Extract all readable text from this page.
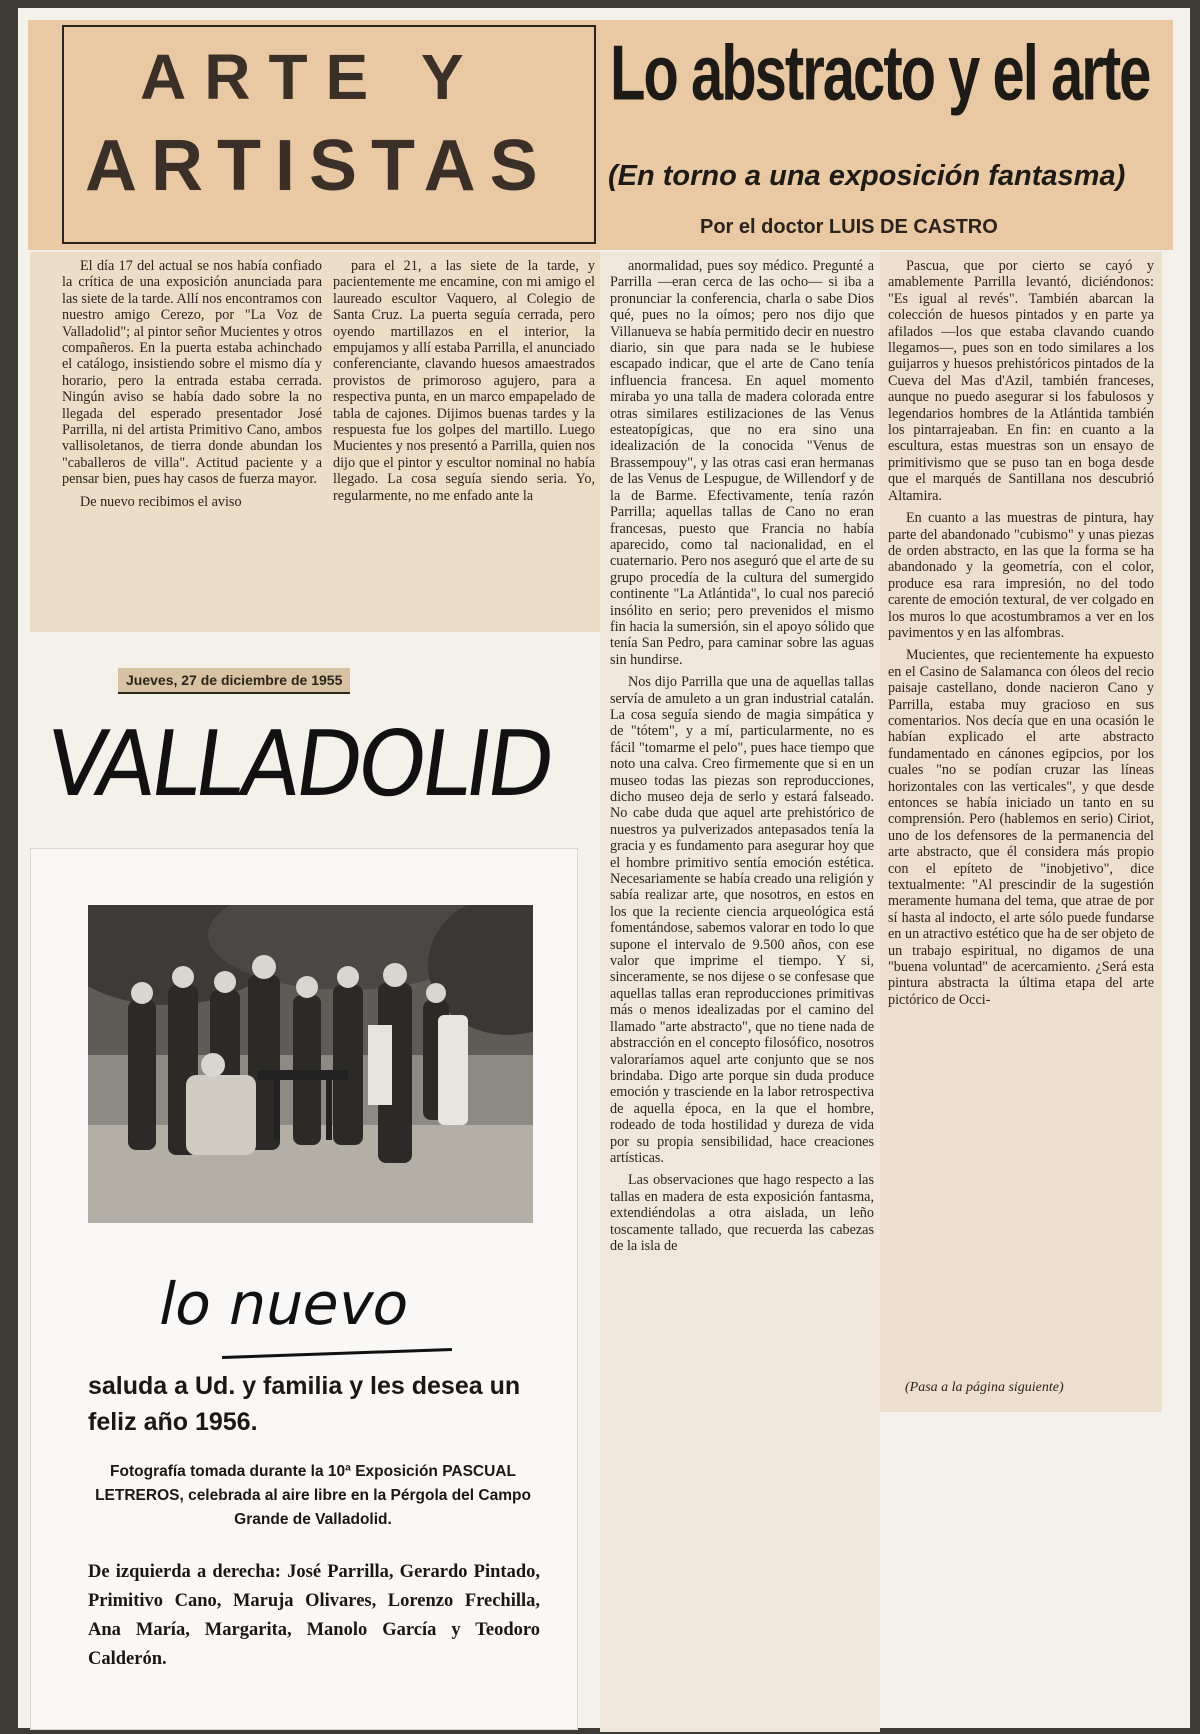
ARTE Y
ARTISTAS
Lo abstracto y el arte
(En torno a una exposición fantasma)
Por el doctor LUIS DE CASTRO

El día 17 del actual se nos había confiado la crítica de una exposición anunciada para las siete de la tarde. Allí nos encontramos con nuestro amigo Cerezo, por "La Voz de Valladolid"; al pintor señor Mucientes y otros compañeros. En la puerta estaba achinchado el catálogo, insistiendo sobre el mismo día y horario, pero la entrada estaba cerrada. Ningún aviso se había dado sobre la no llegada del esperado presentador José Parrilla, ni del artista Primitivo Cano, ambos vallisoletanos, de tierra donde abundan los "caballeros de villa". Actitud paciente y a pensar bien, pues hay casos de fuerza mayor.

De nuevo recibimos el aviso

para el 21, a las siete de la tarde, y pacientemente me encamine, con mi amigo el laureado escultor Vaquero, al Colegio de Santa Cruz. La puerta seguía cerrada, pero oyendo martillazos en el interior, la empujamos y allí estaba Parrilla, el anunciado conferenciante, clavando huesos amaestrados provistos de primoroso agujero, para a respectiva punta, en un marco empapelado de tabla de cajones. Dijimos buenas tardes y la respuesta fue los golpes del martillo. Luego Mucientes y nos presentó a Parrilla, quien nos dijo que el pintor y escultor nominal no había llegado. La cosa seguía siendo seria. Yo, regularmente, no me enfado ante la

anormalidad, pues soy médico. Pregunté a Parrilla —eran cerca de las ocho— si iba a pronunciar la conferencia, charla o sabe Dios qué, pues no la oímos; pero nos dijo que Villanueva se había permitido decir en nuestro diario, sin que para nada se le hubiese escapado indicar, que el arte de Cano tenía influencia francesa. En aquel momento miraba yo una talla de madera colorada entre otras similares estilizaciones de las Venus esteatopígicas, que no era sino una idealización de la conocida "Venus de Brassempouy", y las otras casi eran hermanas de las Venus de Lespugue, de Willendorf y de la de Barme. Efectivamente, tenía razón Parrilla; aquellas tallas de Cano no eran francesas, puesto que Francia no había aparecido, como tal nacionalidad, en el cuaternario. Pero nos aseguró que el arte de su grupo procedía de la cultura del sumergido continente "La Atlántida", lo cual nos pareció insólito en serio; pero prevenidos el mismo fin hacia la sumersión, sin el apoyo sólido que tenía San Pedro, para caminar sobre las aguas sin hundirse.

Nos dijo Parrilla que una de aquellas tallas servía de amuleto a un gran industrial catalán. La cosa seguía siendo de magia simpática y de "tótem", y a mí, particularmente, no es fácil "tomarme el pelo", pues hace tiempo que noto una calva. Creo firmemente que si en un museo todas las piezas son reproducciones, dicho museo deja de serlo y estará falseado. No cabe duda que aquel arte prehistórico de nuestros ya pulverizados antepasados tenía la gracia y es fundamento para asegurar hoy que el hombre primitivo sentía emoción estética. Necesariamente se había creado una religión y sabía realizar arte, que nosotros, en estos en los que la reciente ciencia arqueológica está fomentándose, sabemos valorar en todo lo que supone el intervalo de 9.500 años, con ese valor que imprime el tiempo. Y si, sinceramente, se nos dijese o se confesase que aquellas tallas eran reproducciones primitivas más o menos idealizadas por el camino del llamado "arte abstracto", que no tiene nada de abstracción en el concepto filosófico, nosotros valoraríamos aquel arte conjunto que se nos brindaba. Digo arte porque sin duda produce emoción y trasciende en la labor retrospectiva de aquella época, en la que el hombre, rodeado de toda hostilidad y dureza de vida por su propia sensibilidad, hace creaciones artísticas.

Las observaciones que hago respecto a las tallas en madera de esta exposición fantasma, extendiéndolas a otra aislada, un leño toscamente tallado, que recuerda las cabezas de la isla de

Pascua, que por cierto se cayó y amablemente Parrilla levantó, diciéndonos: "Es igual al revés". También abarcan la colección de huesos pintados y en parte ya afilados —los que estaba clavando cuando llegamos—, pues son en todo similares a los guijarros y huesos prehistóricos pintados de la Cueva del Mas d'Azil, también franceses, aunque no puedo asegurar si los fabulosos y legendarios hombres de la Atlántida también los pintarrajeaban. En fin: en cuanto a la escultura, estas muestras son un ensayo de primitivismo que se puso tan en boga desde que el marqués de Santillana nos descubrió Altamira.

En cuanto a las muestras de pintura, hay parte del abandonado "cubismo" y unas piezas de orden abstracto, en las que la forma se ha abandonado y la geometría, con el color, produce esa rara impresión, no del todo carente de emoción textural, de ver colgado en los muros lo que acostumbramos a ver en los pavimentos y en las alfombras.

Mucientes, que recientemente ha expuesto en el Casino de Salamanca con óleos del recio paisaje castellano, donde nacieron Cano y Parrilla, estaba muy gracioso en sus comentarios. Nos decía que en una ocasión le habían explicado el arte abstracto fundamentado en cánones egipcios, por los cuales "no se podían cruzar las líneas horizontales con las verticales", y que desde entonces se había iniciado un tanto en su comprensión. Pero (hablemos en serio) Ciriot, uno de los defensores de la permanencia del arte abstracto, que él considera más propio con el epíteto de "inobjetivo", dice textualmente: "Al prescindir de la sugestión meramente humana del tema, que atrae de por sí hasta al indocto, el arte sólo puede fundarse en un atractivo estético que ha de ser objeto de un trabajo espiritual, no digamos de una "buena voluntad" de acercamiento. ¿Será esta pintura abstracta la última etapa del arte pictórico de Occi-

(Pasa a la página siguiente)
Jueves, 27 de diciembre de 1955
VALLADOLID
lo nuevo
saluda a Ud. y familia y les desea un feliz año 1956.
Fotografía tomada durante la 10ª Exposición PASCUAL LETREROS, celebrada al aire libre en la Pérgola del Campo Grande de Valladolid.
De izquierda a derecha: José Parrilla, Gerardo Pintado, Primitivo Cano, Maruja Olivares, Lorenzo Frechilla, Ana María, Margarita, Manolo García y Teodoro Calderón.
